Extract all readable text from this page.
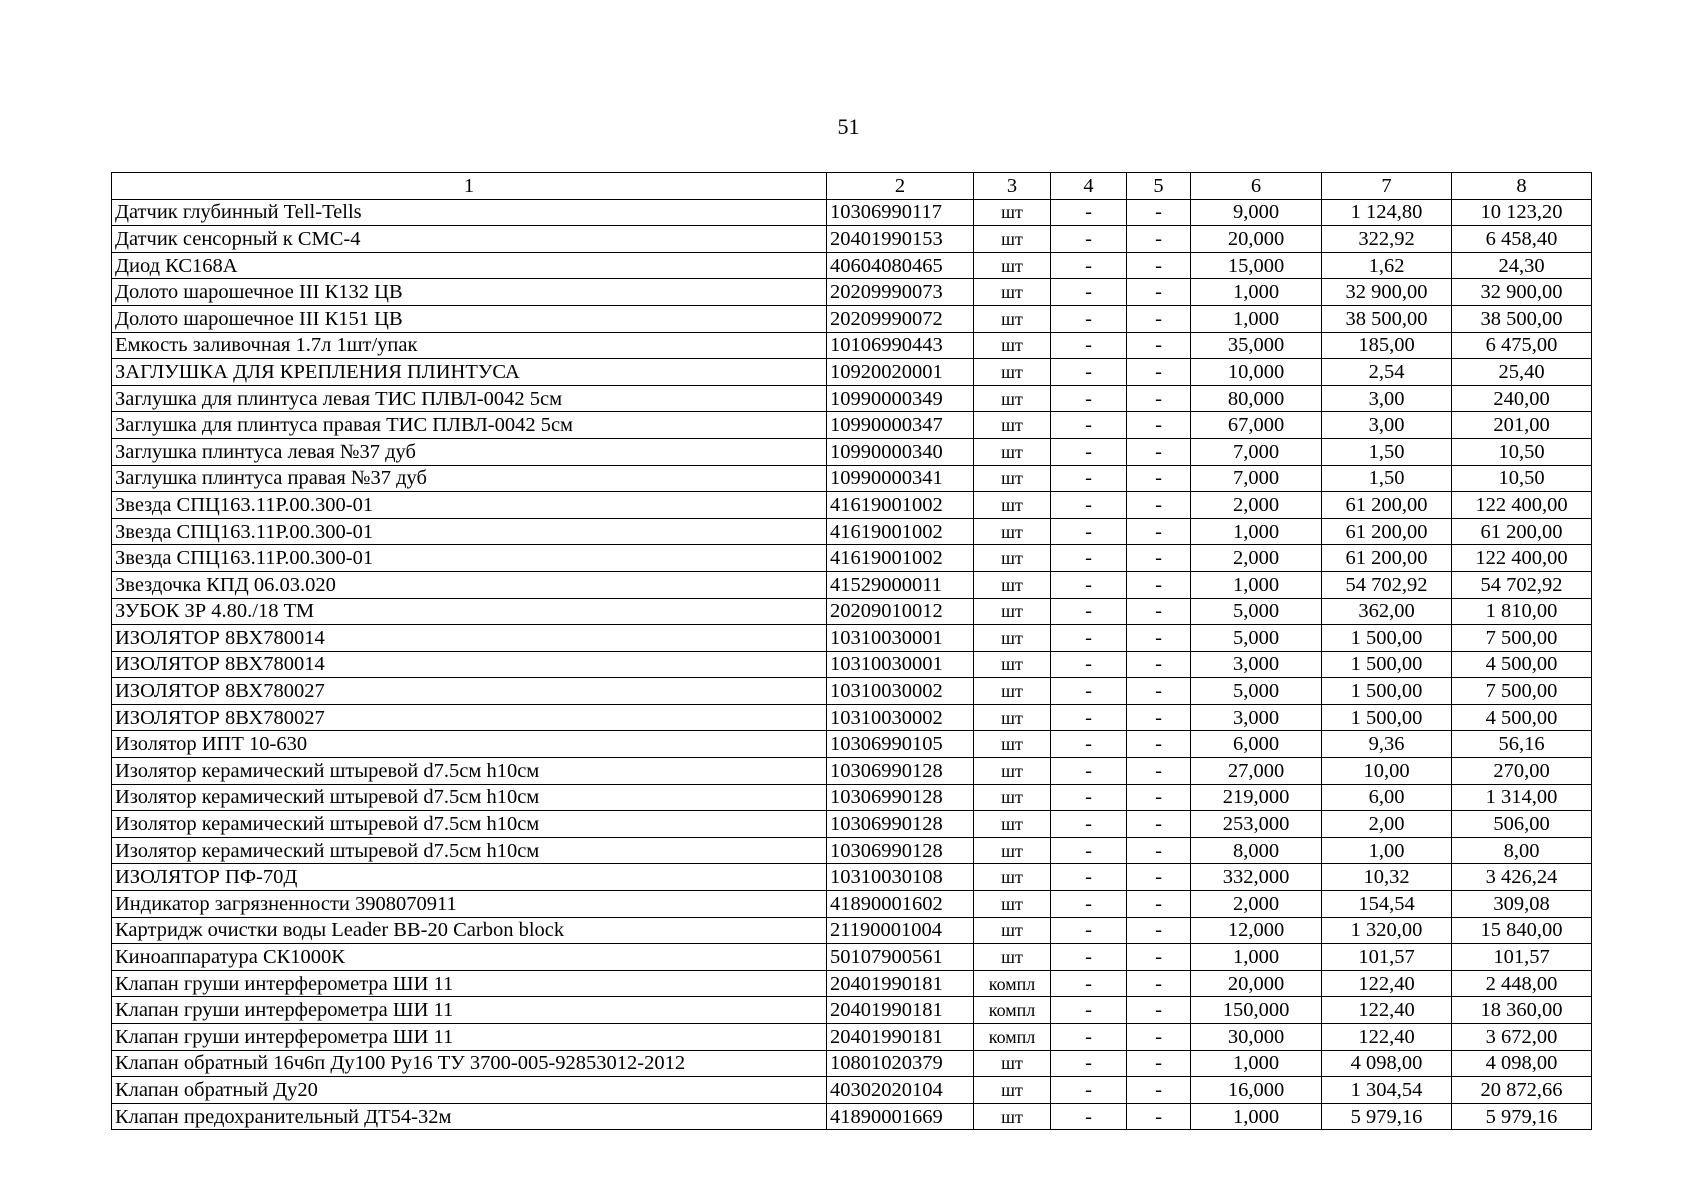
51
1	2	3	4	5	6	7	8
Датчик глубинный Tell-Tells	10306990117	шт	-	-	9,000	1 124,80	10 123,20
Датчик сенсорный к СМС-4	20401990153	шт	-	-	20,000	322,92	6 458,40
Диод КС168А	40604080465	шт	-	-	15,000	1,62	24,30
Долото шарошечное III К132 ЦВ	20209990073	шт	-	-	1,000	32 900,00	32 900,00
Долото шарошечное III К151 ЦВ	20209990072	шт	-	-	1,000	38 500,00	38 500,00
Емкость заливочная 1.7л 1шт/упак	10106990443	шт	-	-	35,000	185,00	6 475,00
ЗАГЛУШКА ДЛЯ КРЕПЛЕНИЯ ПЛИНТУСА	10920020001	шт	-	-	10,000	2,54	25,40
Заглушка для плинтуса левая ТИС ПЛВЛ-0042 5см	10990000349	шт	-	-	80,000	3,00	240,00
Заглушка для плинтуса правая ТИС ПЛВЛ-0042 5см	10990000347	шт	-	-	67,000	3,00	201,00
Заглушка плинтуса левая №37 дуб	10990000340	шт	-	-	7,000	1,50	10,50
Заглушка плинтуса правая №37 дуб	10990000341	шт	-	-	7,000	1,50	10,50
Звезда СПЦ163.11Р.00.300-01	41619001002	шт	-	-	2,000	61 200,00	122 400,00
Звезда СПЦ163.11Р.00.300-01	41619001002	шт	-	-	1,000	61 200,00	61 200,00
Звезда СПЦ163.11Р.00.300-01	41619001002	шт	-	-	2,000	61 200,00	122 400,00
Звездочка КПД 06.03.020	41529000011	шт	-	-	1,000	54 702,92	54 702,92
ЗУБОК ЗР 4.80./18 ТМ	20209010012	шт	-	-	5,000	362,00	1 810,00
ИЗОЛЯТОР 8ВХ780014	10310030001	шт	-	-	5,000	1 500,00	7 500,00
ИЗОЛЯТОР 8ВХ780014	10310030001	шт	-	-	3,000	1 500,00	4 500,00
ИЗОЛЯТОР 8ВХ780027	10310030002	шт	-	-	5,000	1 500,00	7 500,00
ИЗОЛЯТОР 8ВХ780027	10310030002	шт	-	-	3,000	1 500,00	4 500,00
Изолятор ИПТ 10-630	10306990105	шт	-	-	6,000	9,36	56,16
Изолятор керамический штыревой d7.5см h10см	10306990128	шт	-	-	27,000	10,00	270,00
Изолятор керамический штыревой d7.5см h10см	10306990128	шт	-	-	219,000	6,00	1 314,00
Изолятор керамический штыревой d7.5см h10см	10306990128	шт	-	-	253,000	2,00	506,00
Изолятор керамический штыревой d7.5см h10см	10306990128	шт	-	-	8,000	1,00	8,00
ИЗОЛЯТОР ПФ-70Д	10310030108	шт	-	-	332,000	10,32	3 426,24
Индикатор загрязненности 3908070911	41890001602	шт	-	-	2,000	154,54	309,08
Картридж очистки воды Leader BB-20 Carbon block	21190001004	шт	-	-	12,000	1 320,00	15 840,00
Киноаппаратура СК1000К	50107900561	шт	-	-	1,000	101,57	101,57
Клапан груши интерферометра ШИ 11	20401990181	компл	-	-	20,000	122,40	2 448,00
Клапан груши интерферометра ШИ 11	20401990181	компл	-	-	150,000	122,40	18 360,00
Клапан груши интерферометра ШИ 11	20401990181	компл	-	-	30,000	122,40	3 672,00
Клапан обратный 16ч6п Ду100 Ру16 ТУ 3700-005-92853012-2012	10801020379	шт	-	-	1,000	4 098,00	4 098,00
Клапан обратный Ду20	40302020104	шт	-	-	16,000	1 304,54	20 872,66
Клапан предохранительный ДТ54-32м	41890001669	шт	-	-	1,000	5 979,16	5 979,16
